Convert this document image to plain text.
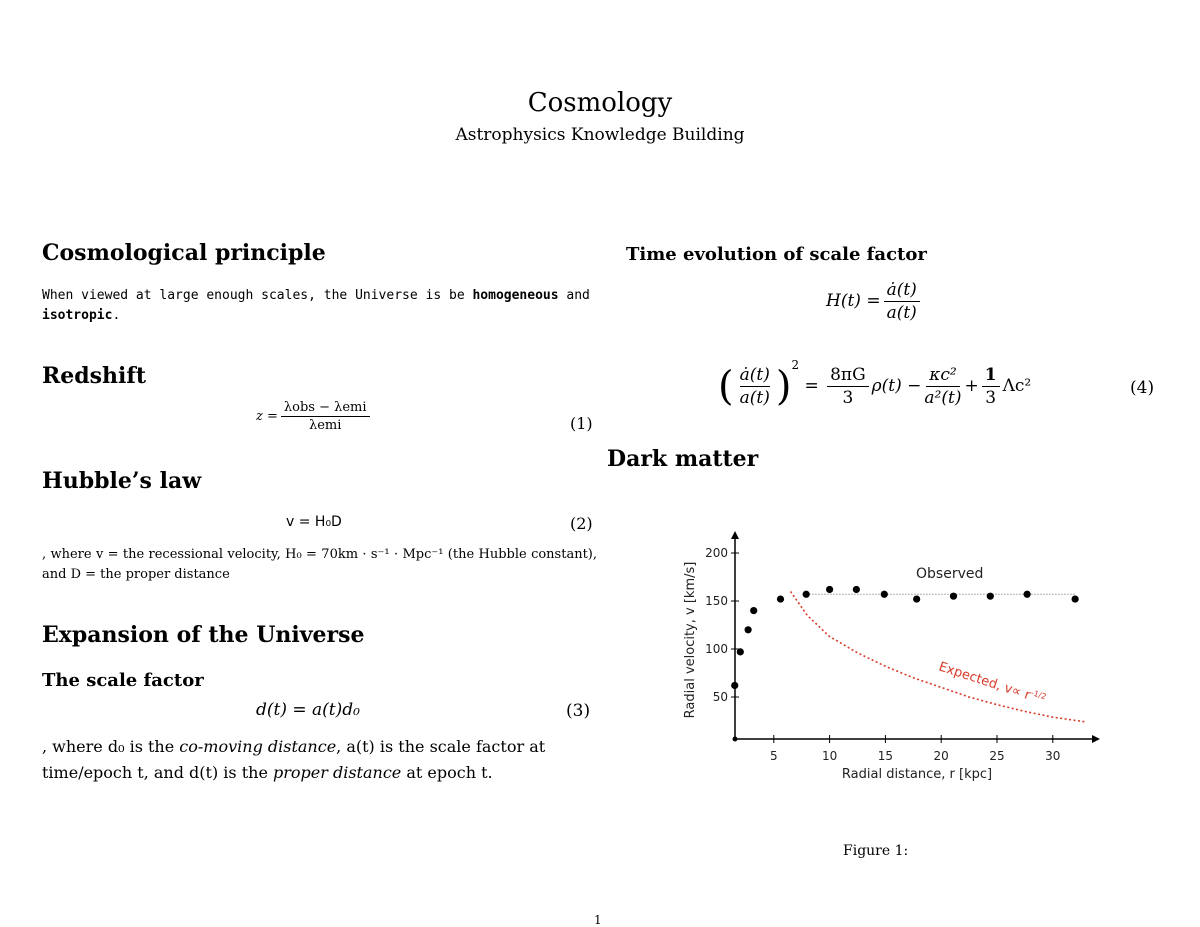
Cosmology
Astrophysics Knowledge Building
Cosmological principle
When viewed at large enough scales, the Universe is be homogeneous and isotropic.
Redshift
$z = \frac{\text{λobs − λemi}}{\text{λemi}}$	(1)
Hubble’s law
v = H₀D	(2)
, where v = the recessional velocity, H₀ = 70km · s⁻¹ · Mpc⁻¹ (the Hubble constant), and D = the proper distance
Expansion of the Universe
The scale factor
d(t) = a(t)d₀	(3)
, where d₀ is the co-moving distance, a(t) is the scale factor at time/epoch t, and d(t) is the proper distance at epoch t.
Time evolution of scale factor
$H(t) = \frac{ȧ(t)}{a(t)}$
( $\frac{ȧ(t)}{a(t)} )^2 = \frac{8\pi G}{3} \rho(t) - \frac{\text{κc²}}{\text{a²(t)}} + \frac{1}{3} \Lambda c^2$	(4)
Dark matter
5	10	15	20	25	30
50
100
150
200
Radial distance, r [kpc]
Radial velocity, v [km/s]	Observed
Expected, $v\propto r^{-1/2}$
Figure 1:
1
